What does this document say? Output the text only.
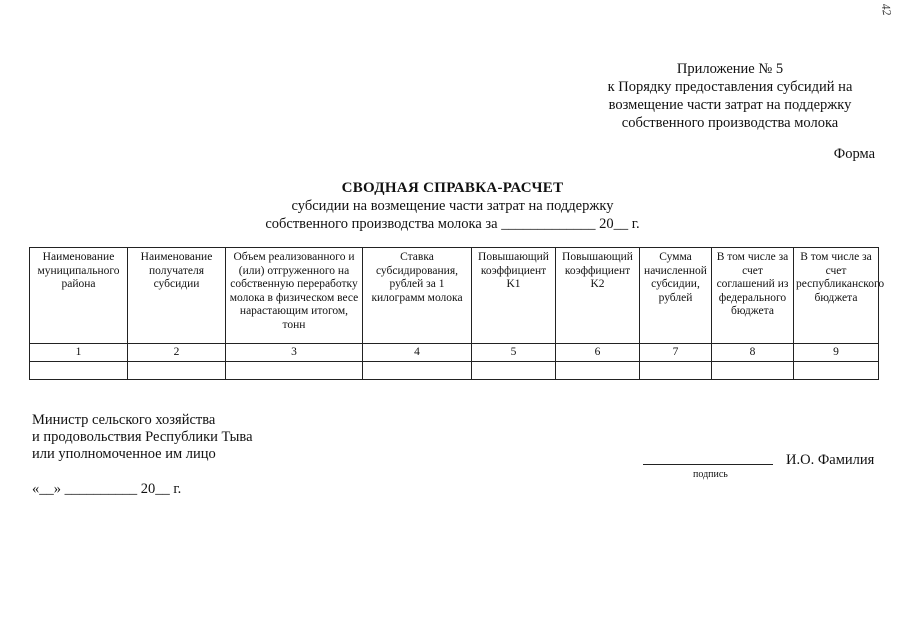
42
Приложение № 5
к Порядку предоставления субсидий на
возмещение части затрат на поддержку
собственного производства молока
Форма
СВОДНАЯ СПРАВКА-РАСЧЕТ
субсидии на возмещение части затрат на поддержку
собственного производства молока за _____________ 20__ г.
Наименование муниципального района	Наименование получателя субсидии	Объем реализованного и (или) отгруженного на собственную переработку молока в физическом весе нарастающим итогом, тонн	Ставка субсидирования, рублей за 1 килограмм молока	Повышающий коэффициент K1	Повышающий коэффициент K2	Сумма начисленной субсидии, рублей	В том числе за счет соглашений из федерального бюджета	В том числе за счет республиканского бюджета
1	2	3	4	5	6	7	8	9

Министр сельского хозяйства
и продовольствия Республики Тыва
или уполномоченное им лицо	И.О. Фамилия
подпись
«__» __________ 20__ г.
